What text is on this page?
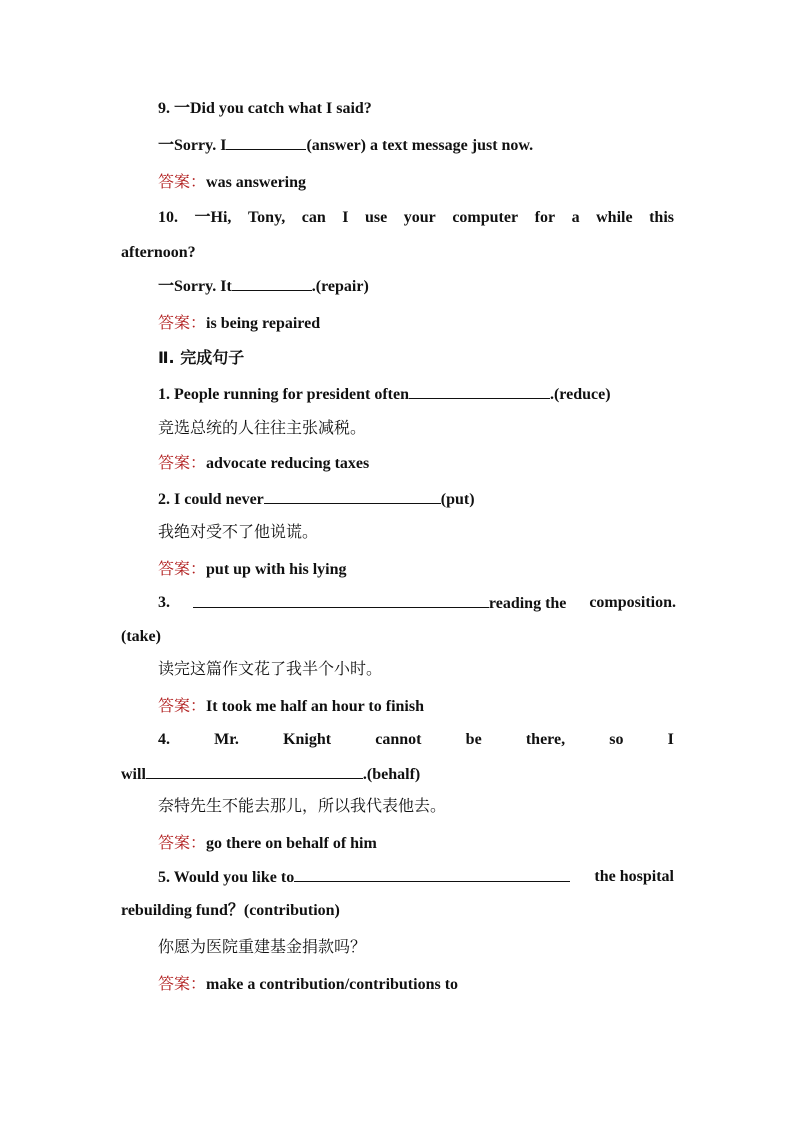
9. 一Did you catch what I said?
一Sorry. I	(answer) a text message just now.
答案：was answering
10. 一Hi, Tony, can I use your computer for a while this
afternoon?
一Sorry. It	.(repair)
答案：is being repaired
Ⅱ. 完成句子
1. People running for president often	.(reduce)
竞选总统的人往往主张减税。
答案：advocate reducing taxes
2. I could never	(put)
我绝对受不了他说谎。
答案：put up with his lying
3.	reading the composition.
(take)
读完这篇作文花了我半个小时。
答案：It took me half an hour to finish
4.	Mr.	Knight	cannot	be	there,	so	I
will	.(behalf)
奈特先生不能去那儿，所以我代表他去。
答案：go there on behalf of him
5. Would you like to	the hospital
rebuilding fund？(contribution)
你愿为医院重建基金捐款吗？
答案：make a contribution/contributions to
